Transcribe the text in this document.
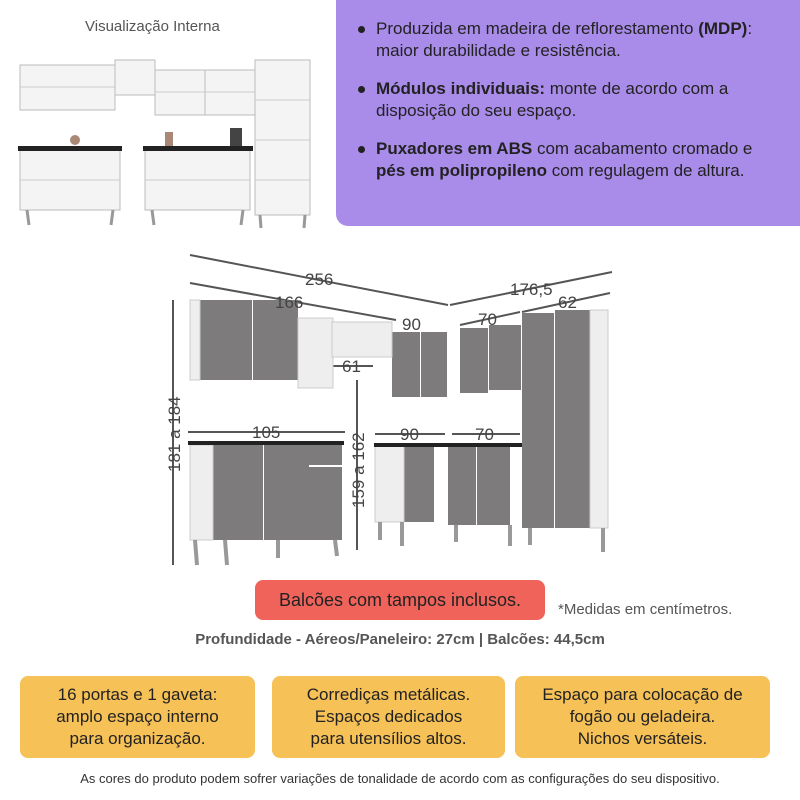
Visualização Interna	Produzida em madeira de reflorestamento (MDP): maior durabilidade e resistência.
Módulos individuais: monte de acordo com a disposição do seu espaço.
Puxadores em ABS com acabamento cromado e pés em polipropileno com regulagem de altura.
256
166
90
176,5
70
62
61
105	90	70
181 a 184	159 a 162
Balcões com tampos inclusos.	*Medidas em centímetros.
Profundidade - Aéreos/Paneleiro: 27cm | Balcões: 44,5cm
16 portas e 1 gaveta:
amplo espaço interno
para organização.
Corrediças metálicas.
Espaços dedicados
para utensílios altos.
Espaço para colocação de
fogão ou geladeira.
Nichos versáteis.
As cores do produto podem sofrer variações de tonalidade de acordo com as configurações do seu dispositivo.
